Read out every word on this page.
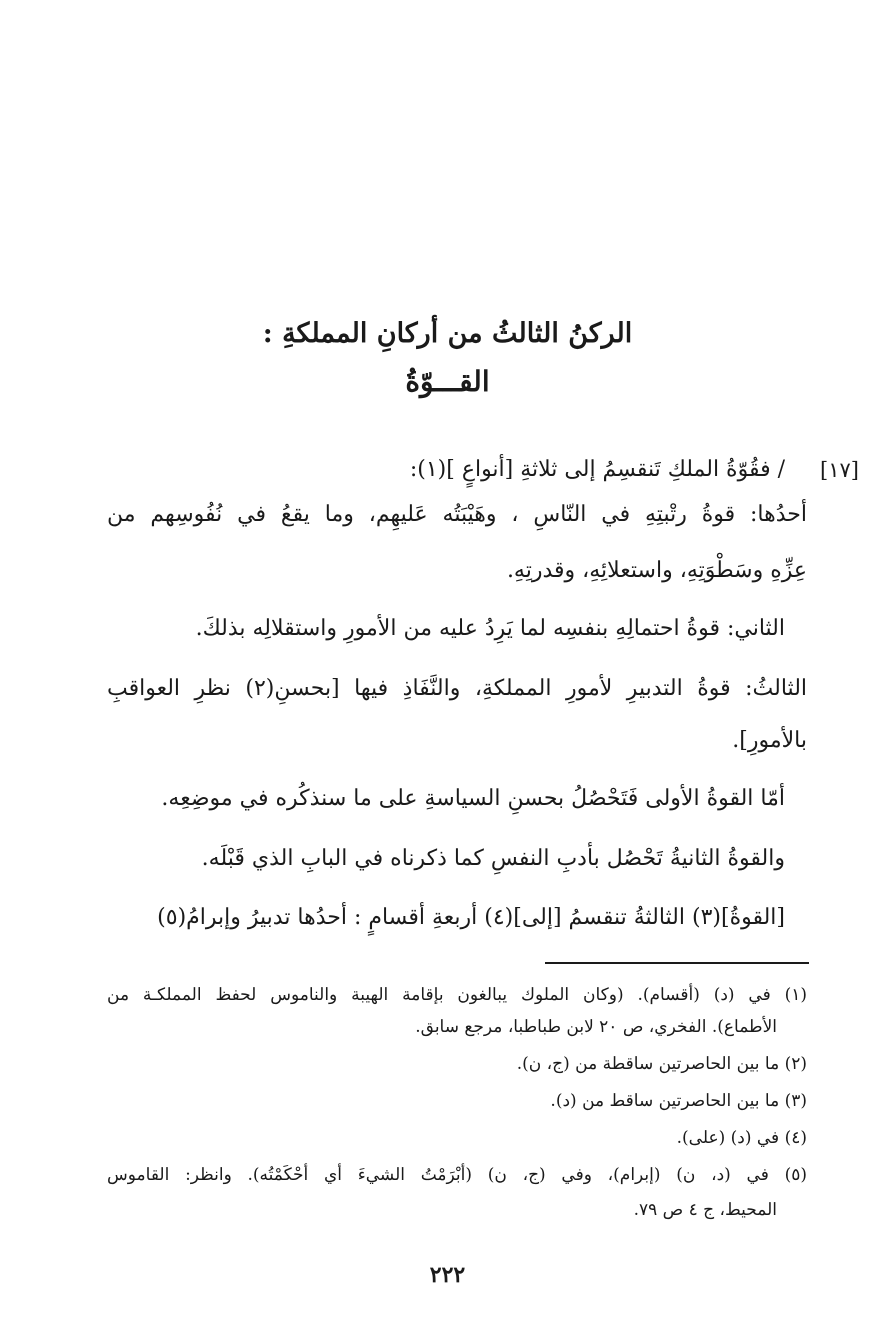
الركنُ الثالثُ من أركانِ المملكةِ :
القـــوّةُ
[١٧]
/ فقُوّةُ الملكِ تَنقسِمُ إلى ثلاثةِ [أنواعٍ ](١):
أحدُها: قوةُ رتْبتِهِ في النّاسِ ، وهَيْبَتُه عَليهِم، وما يقعُ في نُفُوسِهم من
عِزِّهِ وسَطْوَتِهِ، واستعلائِهِ، وقدرتِهِ.
الثاني: قوةُ احتمالِهِ بنفسِه لما يَرِدُ عليه من الأمورِ واستقلالِه بذلكَ.
الثالثُ: قوةُ التدبيرِ لأمورِ المملكةِ، والنَّفَاذِ فيها [بحسنِ(٢) نظرِ العواقبِ
بالأمورِ].
أمّا القوةُ الأولى فَتَحْصُلُ بحسنِ السياسةِ على ما سنذكُره في موضِعِه.
والقوةُ الثانيةُ تَحْصُل بأدبِ النفسِ كما ذكرناه في البابِ الذي قَبْلَه.
[القوةُ](٣) الثالثةُ تنقسمُ [إلى](٤) أربعةِ أقسامٍ : أحدُها تدبيرُ وإبرامُ(٥)
(١) في (د) (أقسام). (وكان الملوك يبالغون بإقامة الهيبة والناموس لحفظ المملكـة من
الأطماع). الفخري، ص ٢٠ لابن طباطبا، مرجع سابق.
(٢) ما بين الحاصرتين ساقطة من (ج، ن).
(٣) ما بين الحاصرتين ساقط من (د).
(٤) في (د) (على).
(٥) في (د، ن) (إبرام)، وفي (ج، ن) (أبْرَمْتُ الشيءَ أي أحْكَمْتُه). وانظر: القاموس
المحيط، ج ٤ ص ٧٩.
٢٢٢
